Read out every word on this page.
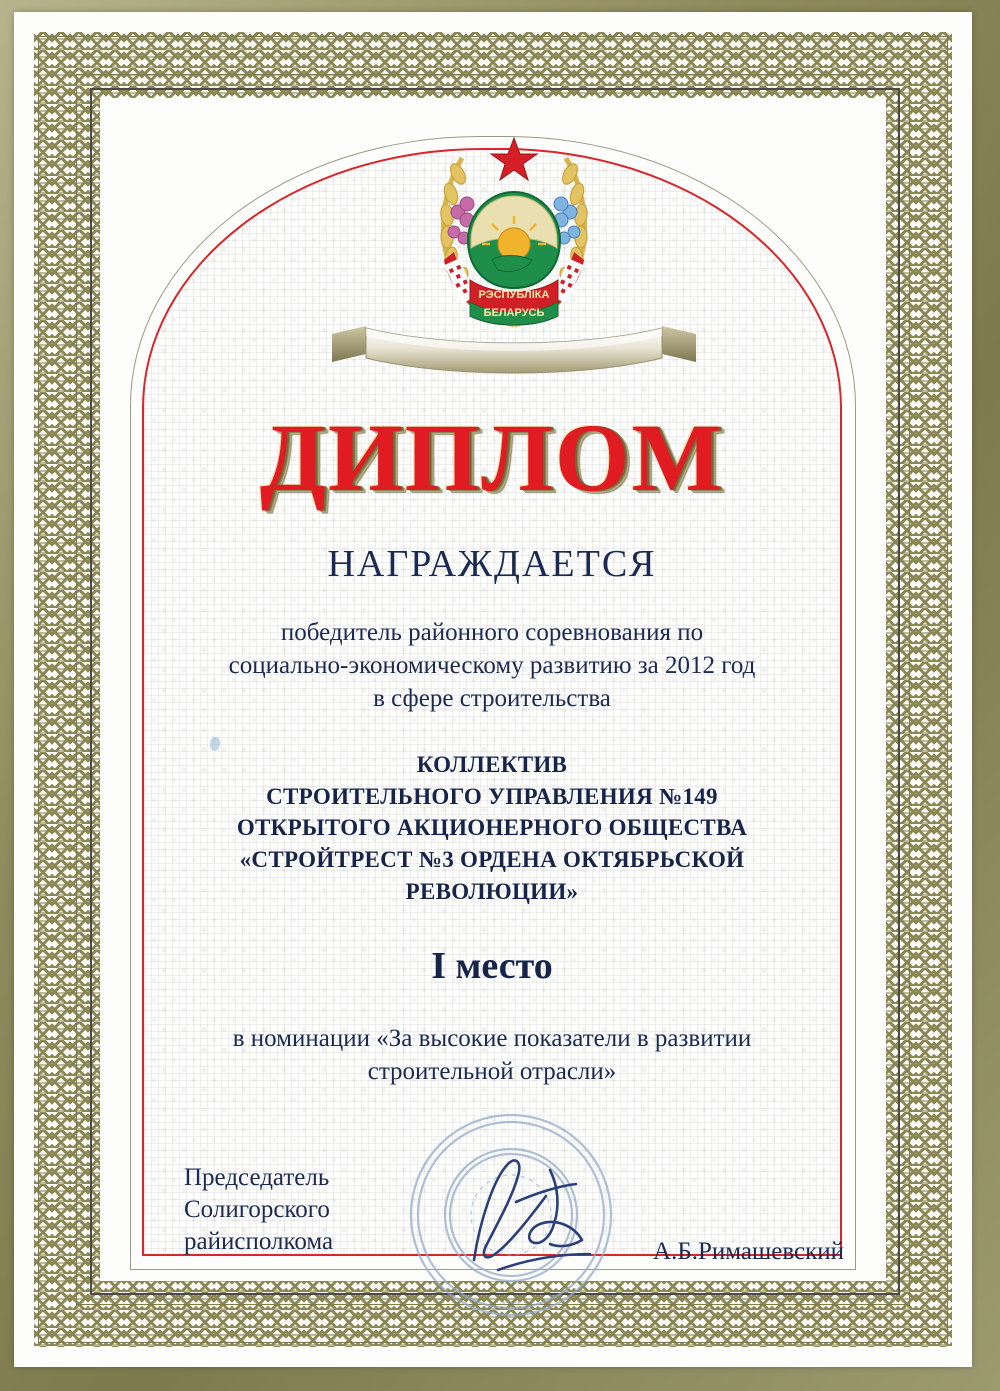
РЭСПУБЛІКА
БЕЛАРУСЬ
ДИПЛОМ
НАГРАЖДАЕТСЯ
победитель районного соревнования по
социально-экономическому развитию за 2012 год
в сфере строительства
КОЛЛЕКТИВ
СТРОИТЕЛЬНОГО УПРАВЛЕНИЯ №149
ОТКРЫТОГО АКЦИОНЕРНОГО ОБЩЕСТВА
«СТРОЙТРЕСТ №3 ОРДЕНА ОКТЯБРЬСКОЙ
РЕВОЛЮЦИИ»
I место
в номинации «За высокие показатели в развитии
строительной отрасли»
Председатель
Солигорского
райисполкома	А.Б.Римашевский
* * *
